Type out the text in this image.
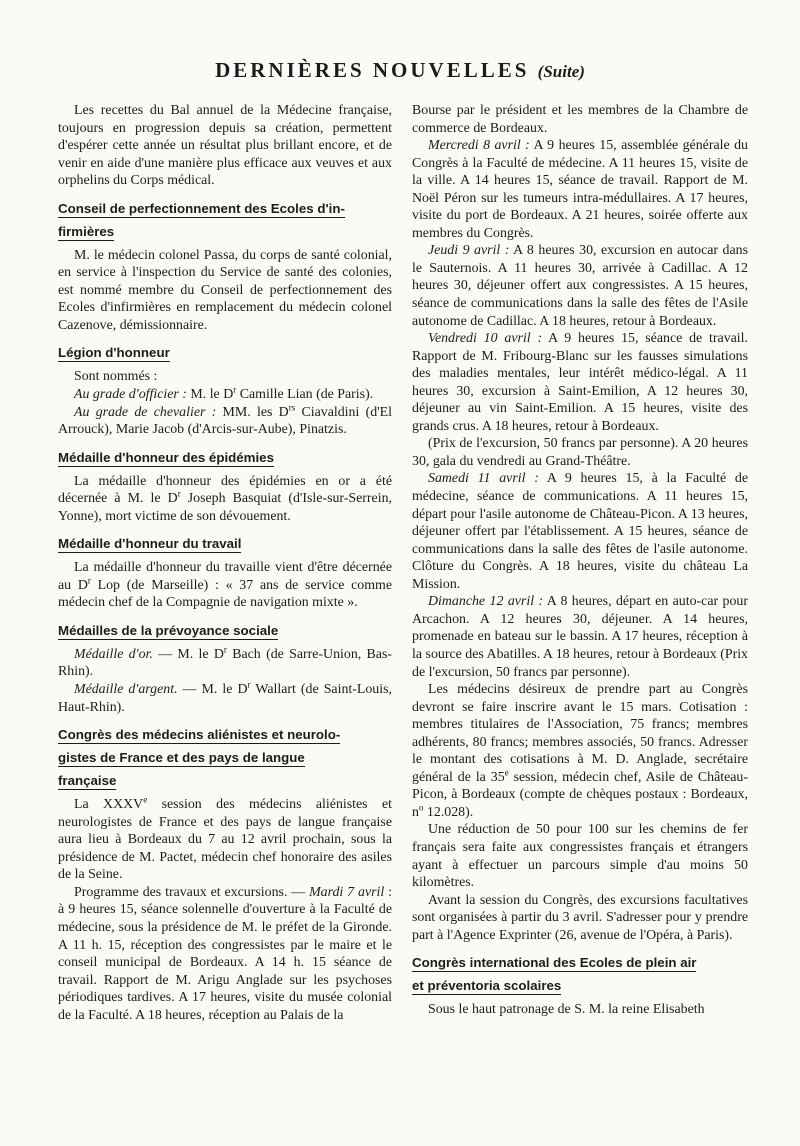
DERNIÈRES NOUVELLES (Suite)

Les recettes du Bal annuel de la Médecine française, toujours en progression depuis sa création, permettent d'espérer cette année un résultat plus brillant encore, et de venir en aide d'une manière plus efficace aux veuves et aux orphelins du Corps médical.

Conseil de perfectionnement des Ecoles d'in-
firmières

M. le médecin colonel Passa, du corps de santé colonial, en service à l'inspection du Service de santé des colonies, est nommé membre du Conseil de perfectionnement des Ecoles d'infirmières en remplacement du médecin colonel Cazenove, démissionnaire.

Légion d'honneur

Sont nommés :

Au grade d'officier : M. le $D^r$ Camille Lian (de Paris).

Au grade de chevalier : MM. les $D^{rs}$ Ciavaldini (d'El Arrouck), Marie Jacob (d'Arcis-sur-Aube), Pinatzis.

Médaille d'honneur des épidémies

La médaille d'honneur des épidémies en or a été décernée à M. le $D^r$ Joseph Basquiat (d'Isle-sur-Serrein, Yonne), mort victime de son dévouement.

Médaille d'honneur du travail

La médaille d'honneur du travaille vient d'être décernée au $D^r$ Lop (de Marseille) : « 37 ans de service comme médecin chef de la Compagnie de navigation mixte ».

Médailles de la prévoyance sociale

Médaille d'or. — M. le $D^r$ Bach (de Sarre-Union, Bas-Rhin).

Médaille d'argent. — M. le $D^r$ Wallart (de Saint-Louis, Haut-Rhin).

Congrès des médecins aliénistes et neurolo-
gistes de France et des pays de langue
française

La XXXVe session des médecins aliénistes et neurologistes de France et des pays de langue française aura lieu à Bordeaux du 7 au 12 avril prochain, sous la présidence de M. Pactet, médecin chef honoraire des asiles de la Seine.

Programme des travaux et excursions. — Mardi 7 avril : à 9 heures 15, séance solennelle d'ouverture à la Faculté de médecine, sous la présidence de M. le préfet de la Gironde. A 11 h. 15, réception des congressistes par le maire et le conseil municipal de Bordeaux. A 14 h. 15 séance de travail. Rapport de M. Arigu Anglade sur les psychoses périodiques tardives. A 17 heures, visite du musée colonial de la Faculté. A 18 heures, réception au Palais de la

Bourse par le président et les membres de la Chambre de commerce de Bordeaux.

Mercredi 8 avril : A 9 heures 15, assemblée générale du Congrès à la Faculté de médecine. A 11 heures 15, visite de la ville. A 14 heures 15, séance de travail. Rapport de M. Noël Péron sur les tumeurs intra-médullaires. A 17 heures, visite du port de Bordeaux. A 21 heures, soirée offerte aux membres du Congrès.

Jeudi 9 avril : A 8 heures 30, excursion en autocar dans le Sauternois. A 11 heures 30, arrivée à Cadillac. A 12 heures 30, déjeuner offert aux congressistes. A 15 heures, séance de communications dans la salle des fêtes de l'Asile autonome de Cadillac. A 18 heures, retour à Bordeaux.

Vendredi 10 avril : A 9 heures 15, séance de travail. Rapport de M. Fribourg-Blanc sur les fausses simulations des maladies mentales, leur intérêt médico-légal. A 11 heures 30, excursion à Saint-Emilion, A 12 heures 30, déjeuner au vin Saint-Emilion. A 15 heures, visite des grands crus. A 18 heures, retour à Bordeaux.

(Prix de l'excursion, 50 francs par personne). A 20 heures 30, gala du vendredi au Grand-Théâtre.

Samedi 11 avril : A 9 heures 15, à la Faculté de médecine, séance de communications. A 11 heures 15, départ pour l'asile autonome de Château-Picon. A 13 heures, déjeuner offert par l'établissement. A 15 heures, séance de communications dans la salle des fêtes de l'asile autonome. Clôture du Congrès. A 18 heures, visite du château La Mission.

Dimanche 12 avril : A 8 heures, départ en auto-car pour Arcachon. A 12 heures 30, déjeuner. A 14 heures, promenade en bateau sur le bassin. A 17 heures, réception à la source des Abatilles. A 18 heures, retour à Bordeaux (Prix de l'excursion, 50 francs par personne).

Les médecins désireux de prendre part au Congrès devront se faire inscrire avant le 15 mars. Cotisation : membres titulaires de l'Association, 75 francs; membres adhérents, 80 francs; membres associés, 50 francs. Adresser le montant des cotisations à M. D. Anglade, secrétaire général de la 35e session, médecin chef, Asile de Château-Picon, à Bordeaux (compte de chèques postaux : Bordeaux, $n^o$ 12.028).

Une réduction de 50 pour 100 sur les chemins de fer français sera faite aux congressistes français et étrangers ayant à effectuer un parcours simple d'au moins 50 kilomètres.

Avant la session du Congrès, des excursions facultatives sont organisées à partir du 3 avril. S'adresser pour y prendre part à l'Agence Exprinter (26, avenue de l'Opéra, à Paris).

Congrès international des Ecoles de plein air
et préventoria scolaires

Sous le haut patronage de S. M. la reine Elisabeth
